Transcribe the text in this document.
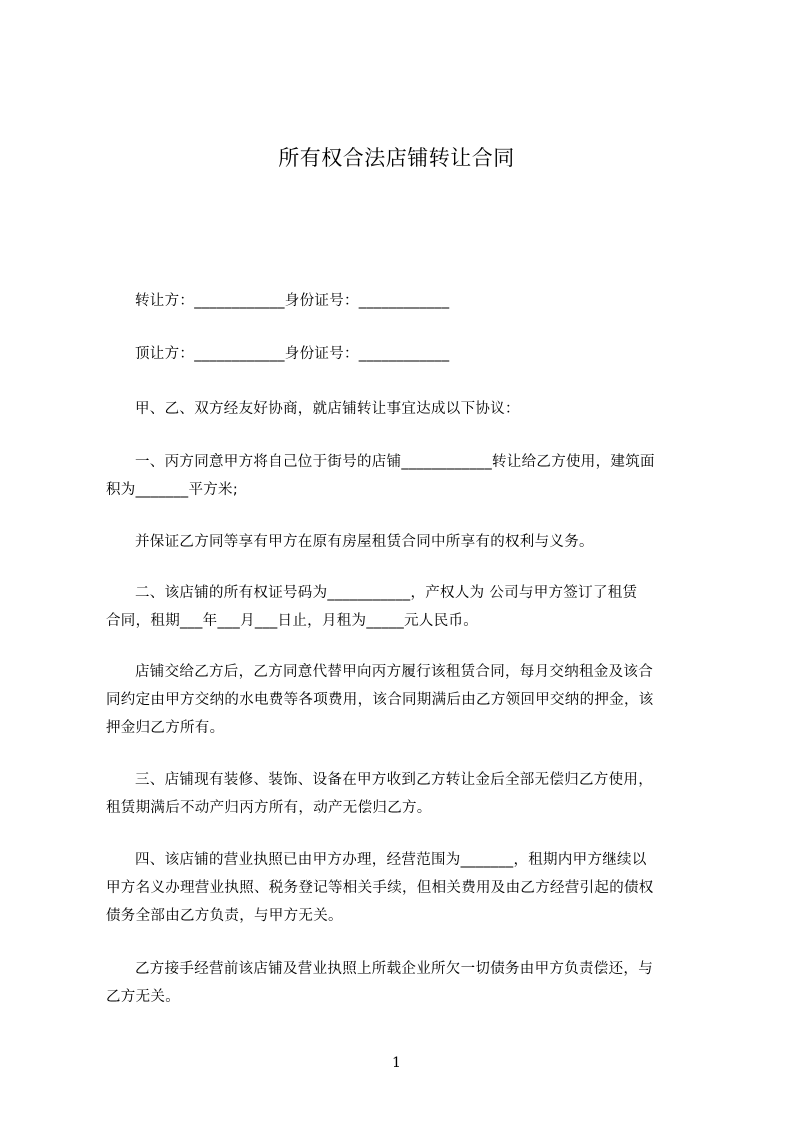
所有权合法店铺转让合同
转让方：____________身份证号：____________
顶让方：____________身份证号：____________
甲、乙、双方经友好协商，就店铺转让事宜达成以下协议：
一、丙方同意甲方将自己位于街号的店铺____________转让给乙方使用，建筑面
积为_______平方米;
并保证乙方同等享有甲方在原有房屋租赁合同中所享有的权利与义务。
二、该店铺的所有权证号码为___________，产权人为 公司与甲方签订了租赁
合同，租期___年___月___日止，月租为_____元人民币。
店铺交给乙方后，乙方同意代替甲向丙方履行该租赁合同，每月交纳租金及该合
同约定由甲方交纳的水电费等各项费用，该合同期满后由乙方领回甲交纳的押金，该
押金归乙方所有。
三、店铺现有装修、装饰、设备在甲方收到乙方转让金后全部无偿归乙方使用，
租赁期满后不动产归丙方所有，动产无偿归乙方。
四、该店铺的营业执照已由甲方办理，经营范围为_______，租期内甲方继续以
甲方名义办理营业执照、税务登记等相关手续，但相关费用及由乙方经营引起的债权
债务全部由乙方负责，与甲方无关。
乙方接手经营前该店铺及营业执照上所载企业所欠一切债务由甲方负责偿还，与
乙方无关。
1
